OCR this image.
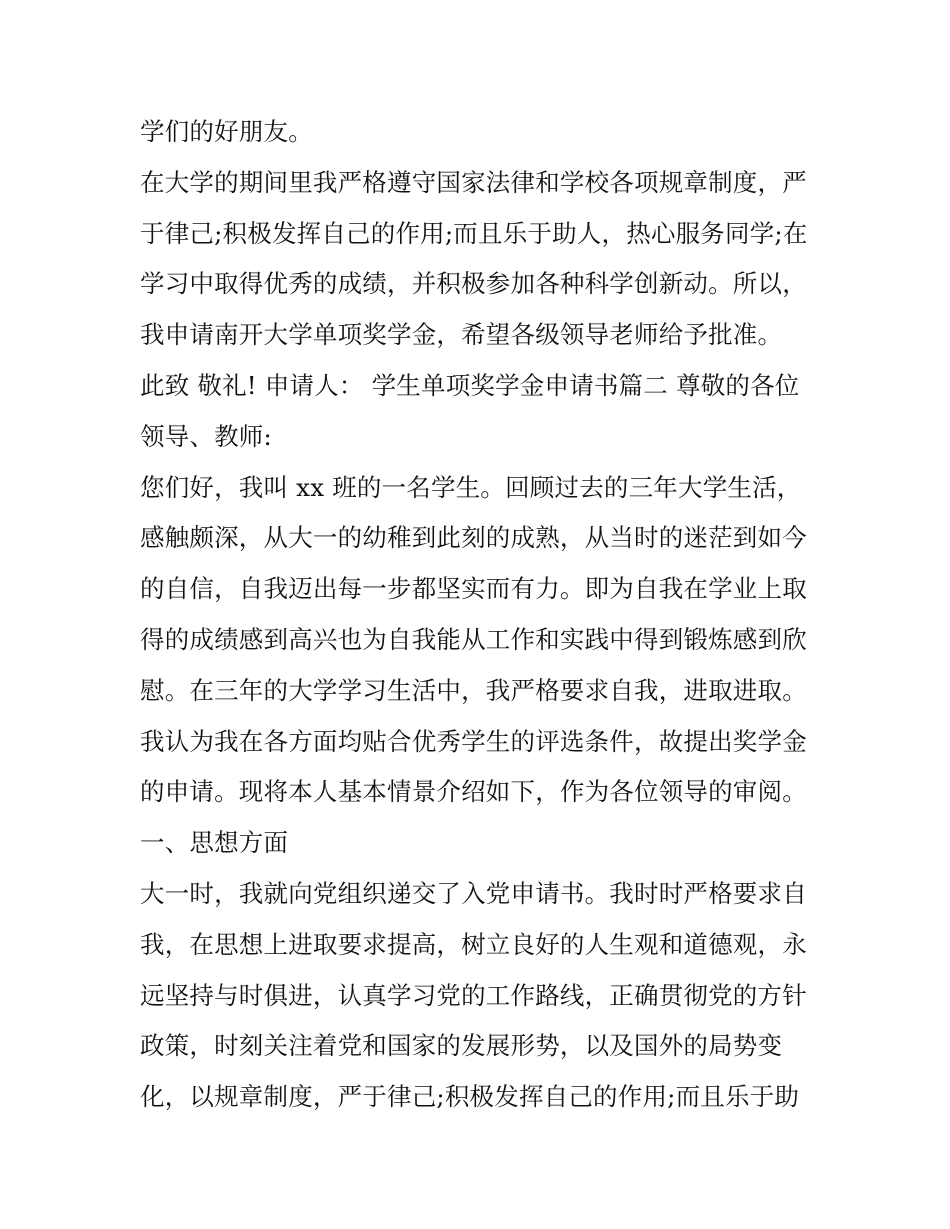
学们的好朋友。
在大学的期间里我严格遵守国家法律和学校各项规章制度，严
于律己;积极发挥自己的作用;而且乐于助人，热心服务同学;在
学习中取得优秀的成绩，并积极参加各种科学创新动。所以，
我申请南开大学单项奖学金，希望各级领导老师给予批准。
此致 敬礼! 申请人： 学生单项奖学金申请书篇二 尊敬的各位
领导、教师:
您们好，我叫 xx 班的一名学生。回顾过去的三年大学生活，
感触颇深，从大一的幼稚到此刻的成熟，从当时的迷茫到如今
的自信，自我迈出每一步都坚实而有力。即为自我在学业上取
得的成绩感到高兴也为自我能从工作和实践中得到锻炼感到欣
慰。在三年的大学学习生活中，我严格要求自我，进取进取。
我认为我在各方面均贴合优秀学生的评选条件，故提出奖学金
的申请。现将本人基本情景介绍如下，作为各位领导的审阅。
一、思想方面
大一时，我就向党组织递交了入党申请书。我时时严格要求自
我，在思想上进取要求提高，树立良好的人生观和道德观，永
远坚持与时俱进，认真学习党的工作路线，正确贯彻党的方针
政策，时刻关注着党和国家的发展形势，以及国外的局势变
化，以规章制度，严于律己;积极发挥自己的作用;而且乐于助
